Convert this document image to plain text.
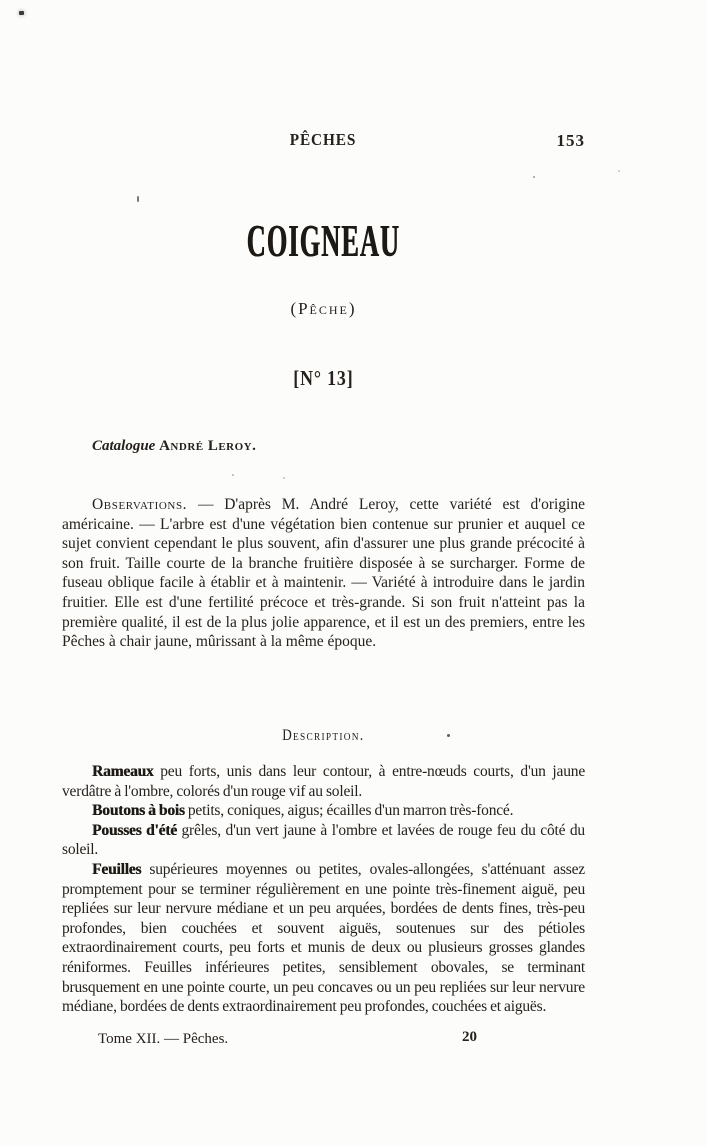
PÊCHES	153
COIGNEAU
(Pêche)
[N° 13]

Catalogue André Leroy.

Observations. — D'après M. André Leroy, cette variété est d'origine américaine. — L'arbre est d'une végétation bien contenue sur prunier et auquel ce sujet convient cependant le plus souvent, afin d'assurer une plus grande précocité à son fruit. Taille courte de la branche fruitière disposée à se surcharger. Forme de fuseau oblique facile à établir et à maintenir. — Variété à introduire dans le jardin fruitier. Elle est d'une fertilité précoce et très-grande. Si son fruit n'atteint pas la première qualité, il est de la plus jolie apparence, et il est un des premiers, entre les Pêches à chair jaune, mûrissant à la même époque.

Description.

Rameaux peu forts, unis dans leur contour, à entre-nœuds courts, d'un jaune verdâtre à l'ombre, colorés d'un rouge vif au soleil.

Boutons à bois petits, coniques, aigus; écailles d'un marron très-foncé.

Pousses d'été grêles, d'un vert jaune à l'ombre et lavées de rouge feu du côté du soleil.

Feuilles supérieures moyennes ou petites, ovales-allongées, s'atténuant assez promptement pour se terminer régulièrement en une pointe très-finement aiguë, peu repliées sur leur nervure médiane et un peu arquées, bordées de dents fines, très-peu profondes, bien couchées et souvent aiguës, soutenues sur des pétioles extraordinairement courts, peu forts et munis de deux ou plusieurs grosses glandes réniformes. Feuilles inférieures petites, sensiblement obovales, se terminant brusquement en une pointe courte, un peu concaves ou un peu repliées sur leur nervure médiane, bordées de dents extraordinairement peu profondes, couchées et aiguës.

Tome XII. — Pêches.	20
